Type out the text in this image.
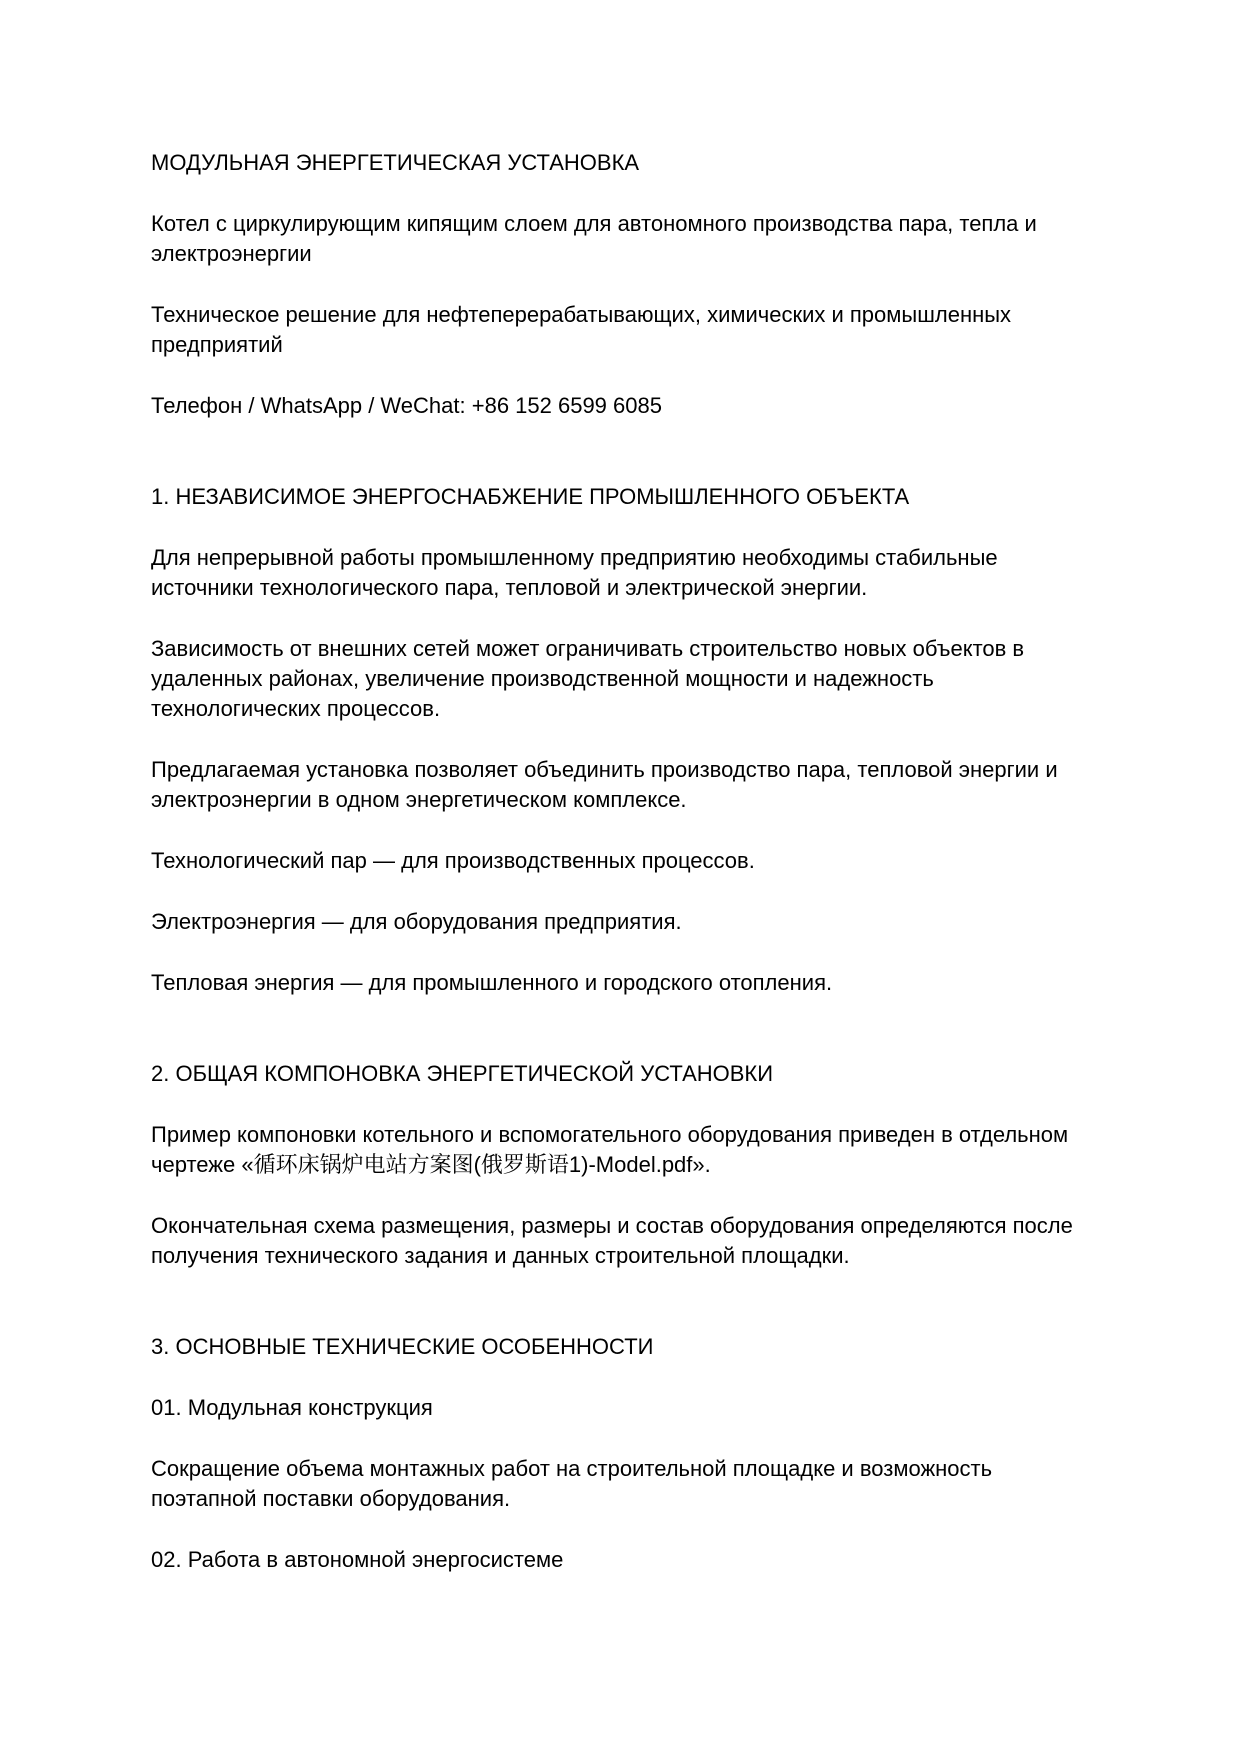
МОДУЛЬНАЯ ЭНЕРГЕТИЧЕСКАЯ УСТАНОВКА

Котел с циркулирующим кипящим слоем для автономного производства пара, тепла и электроэнергии

Техническое решение для нефтеперерабатывающих, химических и промышленных предприятий

Телефон / WhatsApp / WeChat: +86 152 6599 6085

1. НЕЗАВИСИМОЕ ЭНЕРГОСНАБЖЕНИЕ ПРОМЫШЛЕННОГО ОБЪЕКТА

Для непрерывной работы промышленному предприятию необходимы стабильные источники технологического пара, тепловой и электрической энергии.

Зависимость от внешних сетей может ограничивать строительство новых объектов в удаленных районах, увеличение производственной мощности и надежность технологических процессов.

Предлагаемая установка позволяет объединить производство пара, тепловой энергии и электроэнергии в одном энергетическом комплексе.

Технологический пар — для производственных процессов.

Электроэнергия — для оборудования предприятия.

Тепловая энергия — для промышленного и городского отопления.

2. ОБЩАЯ КОМПОНОВКА ЭНЕРГЕТИЧЕСКОЙ УСТАНОВКИ

Пример компоновки котельного и вспомогательного оборудования приведен в отдельном чертеже «循环床锅炉电站方案图(俄罗斯语1)-Model.pdf».

Окончательная схема размещения, размеры и состав оборудования определяются после получения технического задания и данных строительной площадки.

3. ОСНОВНЫЕ ТЕХНИЧЕСКИЕ ОСОБЕННОСТИ

01. Модульная конструкция

Сокращение объема монтажных работ на строительной площадке и возможность поэтапной поставки оборудования.

02. Работа в автономной энергосистеме
